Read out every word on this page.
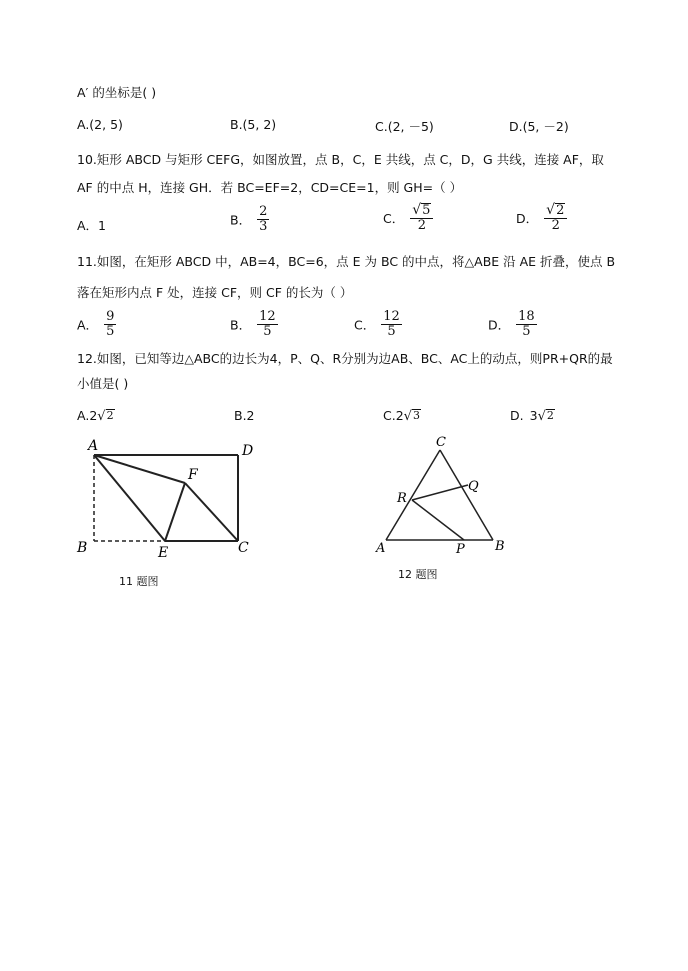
A′ 的坐标是( )
A.(2, 5)	B.(5, 2)	C.(2, －5)	D.(5, －2)
10.矩形 ABCD 与矩形 CEFG，如图放置，点 B，C，E 共线，点 C，D，G 共线，连接 AF，取
AF 的中点 H，连接 GH．若 BC=EF=2，CD=CE=1，则 GH=（ ）
A．1	B． $\frac{2}{3}$	C． $\frac{√ 5}{2}$	D． $\frac{√ 2}{2}$
11.如图，在矩形 ABCD 中，AB=4，BC=6，点 E 为 BC 的中点，将△ABE 沿 AE 折叠，使点 B
落在矩形内点 F 处，连接 CF，则 CF 的长为（ ）
A． $\frac{9}{5}$	B． $\frac{12}{5}$	C． $\frac{12}{5}$	D． $\frac{18}{5}$
12.如图，已知等边△ABC的边长为4，P、Q、R分别为边AB、BC、AC上的动点，则PR+QR的最
小值是( )
A.2 √ 2	B.2	C.2 √ 3	D. 3 √ 2
A	D
B	E	C
F
11 题图
C
R
Q
A	P B
12 题图
